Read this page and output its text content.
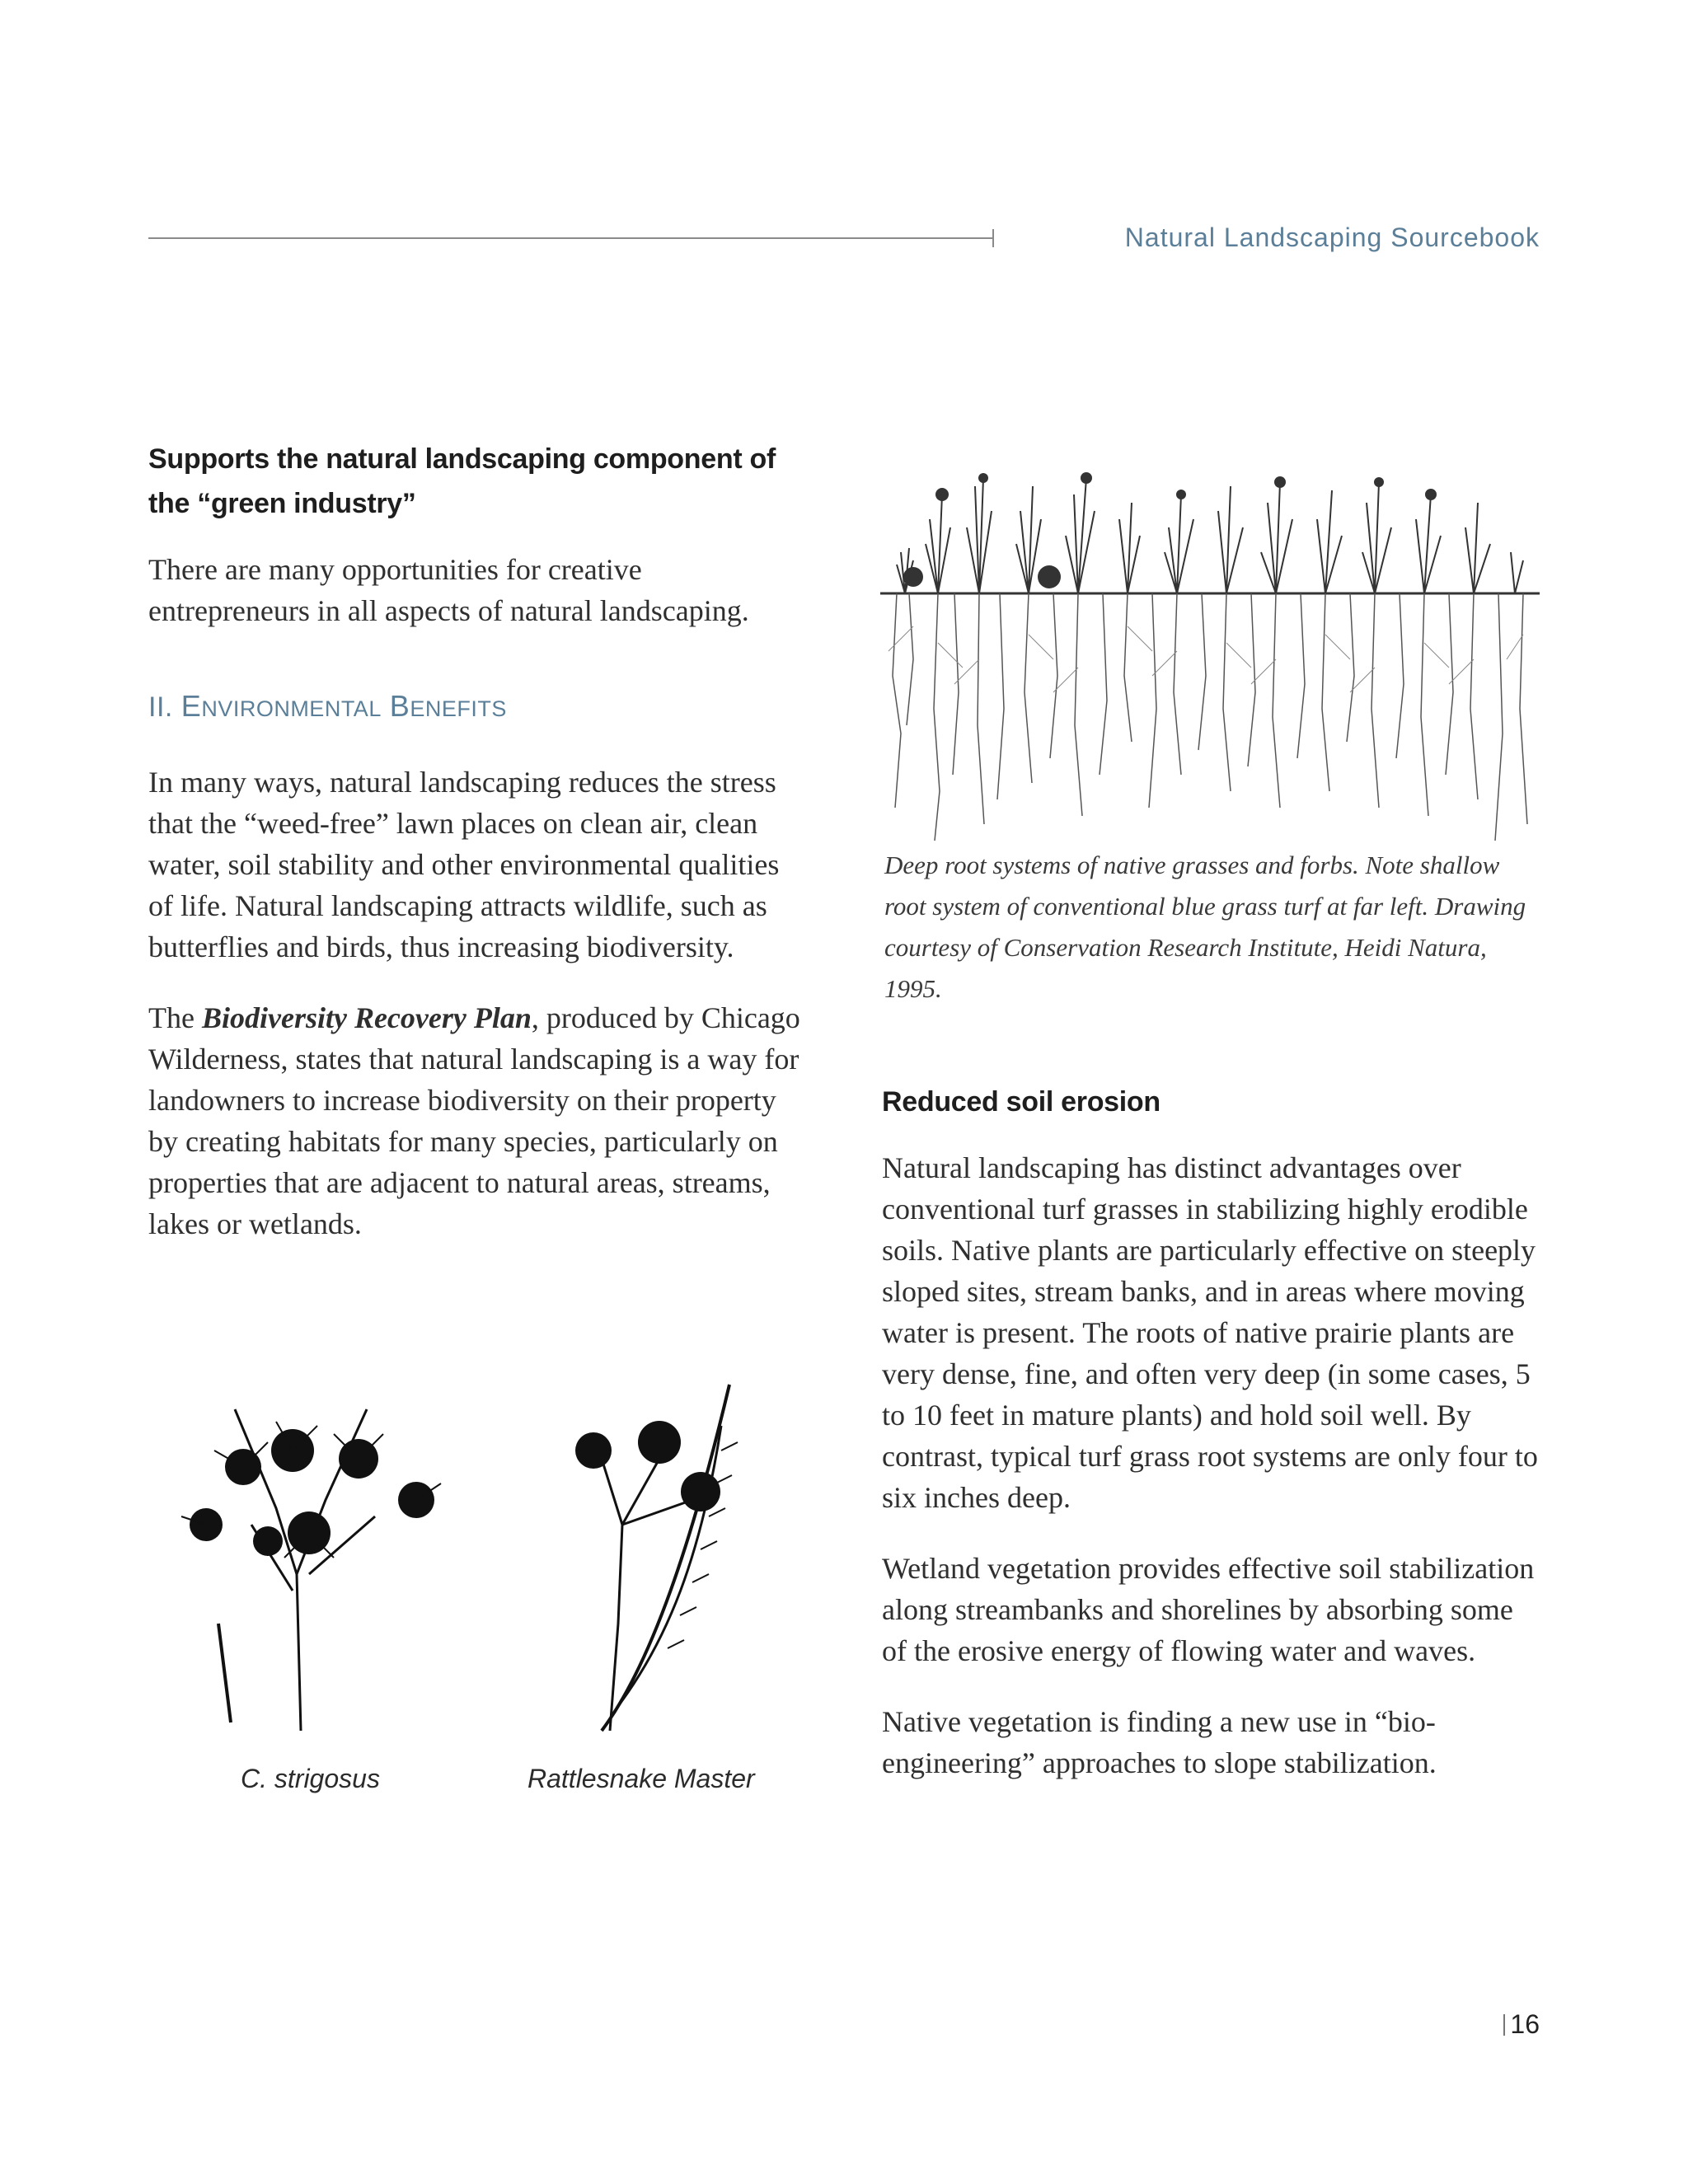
Natural Landscaping Sourcebook
Supports the natural landscaping component of the “green industry”

There are many opportunities for creative entrepreneurs in all aspects of natural landscaping.

II. ENVIRONMENTAL BENEFITS

In many ways, natural landscaping reduces the stress that the “weed-free” lawn places on clean air, clean water, soil stability and other environmental qualities of life. Natural landscaping attracts wildlife, such as butterflies and birds, thus increasing biodiversity.

The Biodiversity Recovery Plan, produced by Chicago Wilderness, states that natural landscaping is a way for landowners to increase biodiversity on their property by creating habitats for many species, particularly on properties that are adjacent to natural areas, streams, lakes or wetlands.

Deep root systems of native grasses and forbs. Note shallow root system of conventional blue grass turf at far left. Drawing courtesy of Conservation Research Institute, Heidi Natura, 1995.
Reduced soil erosion

Natural landscaping has distinct advantages over conventional turf grasses in stabilizing highly erodible soils. Native plants are particularly effective on steeply sloped sites, stream banks, and in areas where moving water is present. The roots of native prairie plants are very dense, fine, and often very deep (in some cases, 5 to 10 feet in mature plants) and hold soil well. By contrast, typical turf grass root systems are only four to six inches deep.

Wetland vegetation provides effective soil stabilization along streambanks and shorelines by absorbing some of the erosive energy of flowing water and waves.

Native vegetation is finding a new use in “bio-engineering” approaches to slope stabilization.

C. strigosus	Rattlesnake Master
16
